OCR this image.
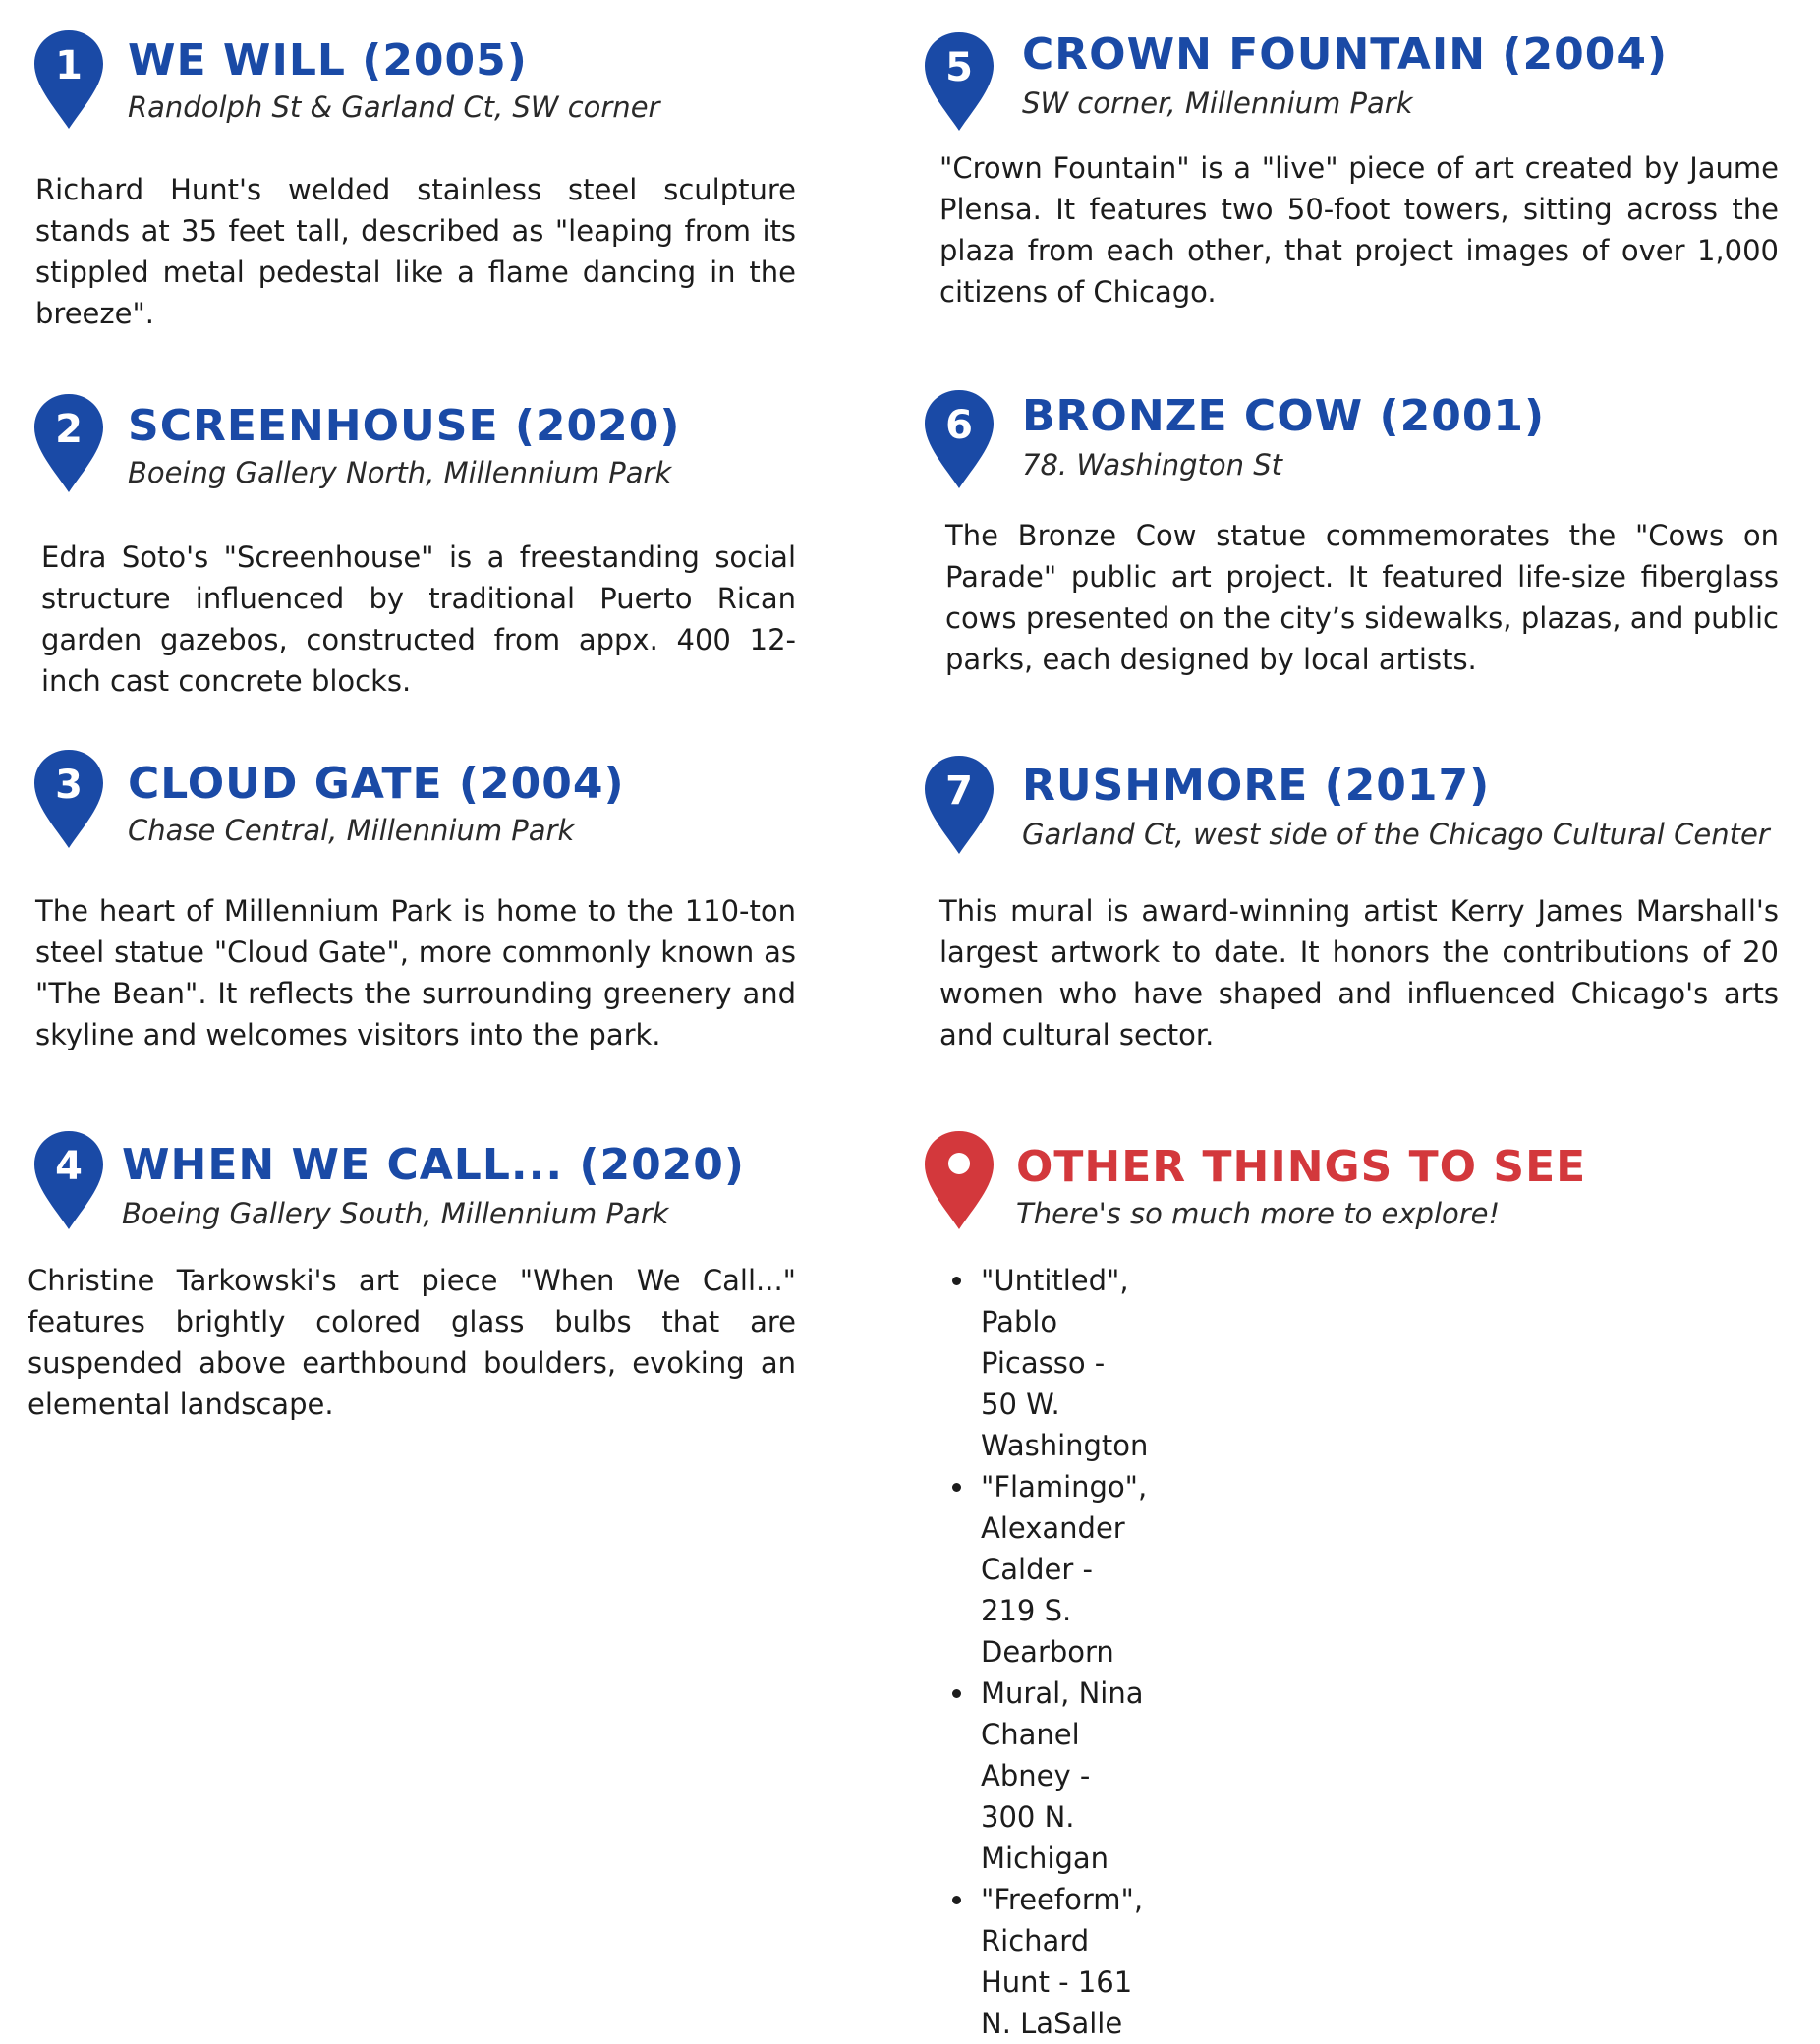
1	WE WILL (2005)

Randolph St & Garland Ct, SW corner

Richard Hunt's welded stainless steel sculpture stands at 35 feet tall, described as "leaping from its stippled metal pedestal like a flame dancing in the breeze".

2	SCREENHOUSE (2020)

Boeing Gallery North, Millennium Park

Edra Soto's "Screenhouse" is a freestanding social structure influenced by traditional Puerto Rican garden gazebos, constructed from appx. 400 12-inch cast concrete blocks.

3	CLOUD GATE (2004)

Chase Central, Millennium Park

The heart of Millennium Park is home to the 110-ton steel statue "Cloud Gate", more commonly known as "The Bean". It reflects the surrounding greenery and skyline and welcomes visitors into the park.

4 WHEN WE CALL... (2020)

Boeing Gallery South, Millennium Park

Christine Tarkowski's art piece "When We Call..." features brightly colored glass bulbs that are suspended above earthbound boulders, evoking an elemental landscape.

5	CROWN FOUNTAIN (2004)

SW corner, Millennium Park

"Crown Fountain" is a "live" piece of art created by Jaume Plensa. It features two 50-foot towers, sitting across the plaza from each other, that project images of over 1,000 citizens of Chicago.

6	BRONZE COW (2001)

78. Washington St

The Bronze Cow statue commemorates the "Cows on Parade" public art project. It featured life-size fiberglass cows presented on the city’s sidewalks, plazas, and public parks, each designed by local artists.

7	RUSHMORE (2017)

Garland Ct, west side of the Chicago Cultural Center

This mural is award-winning artist Kerry James Marshall's largest artwork to date. It honors the contributions of 20 women who have shaped and influenced Chicago's arts and cultural sector.

OTHER THINGS TO SEE

There's so much more to explore!

• "Untitled", Pablo Picasso - 50 W. Washington
• "Flamingo", Alexander Calder - 219 S. Dearborn
• Mural, Nina Chanel Abney - 300 N. Michigan
• "Freeform", Richard Hunt - 161 N. LaSalle
